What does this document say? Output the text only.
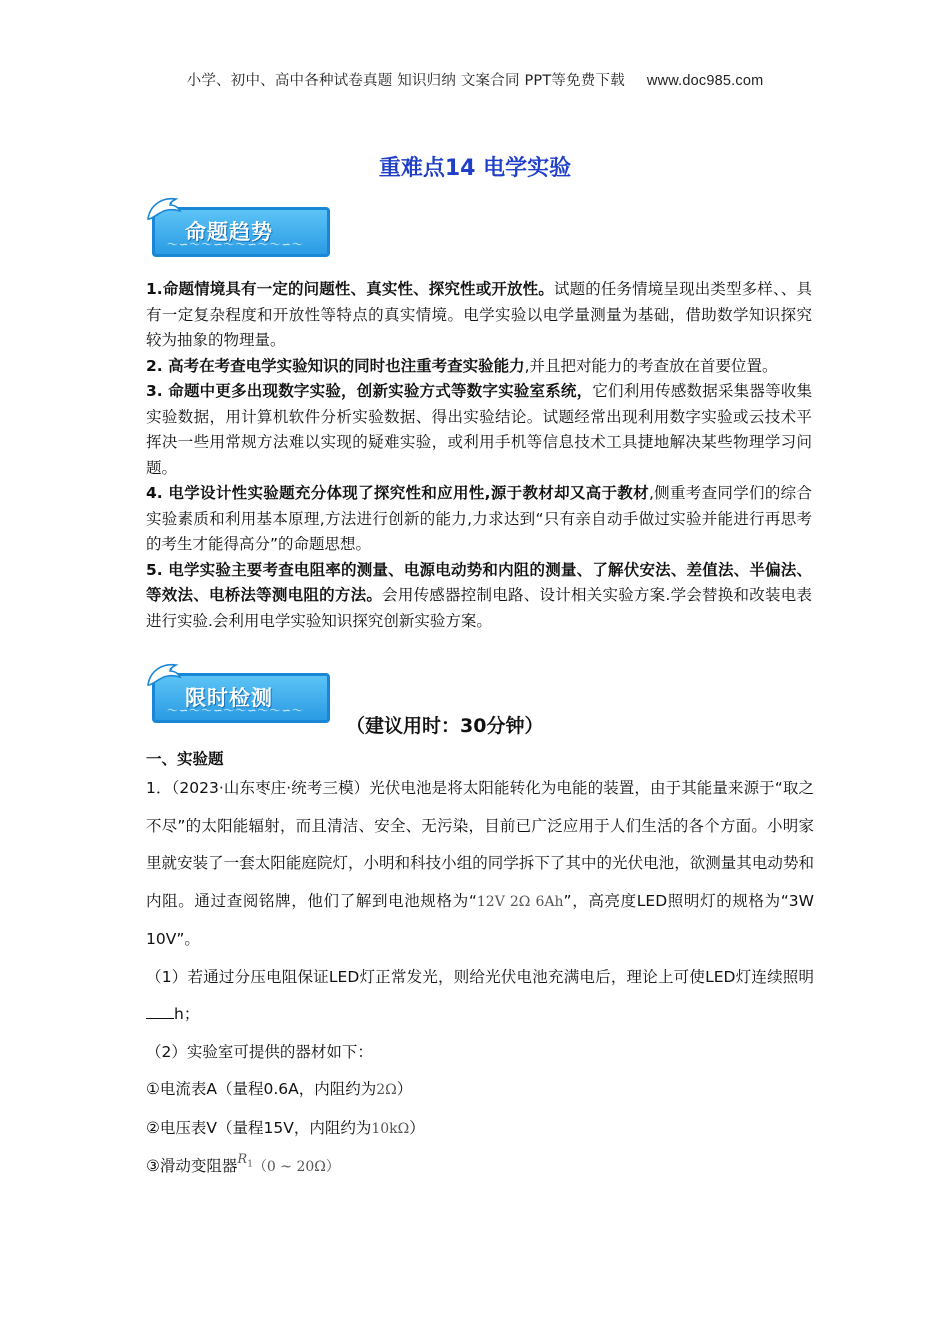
小学、初中、高中各种试卷真题 知识归纳 文案合同 PPT等免费下载 www.doc985.com
重难点14 电学实验
命题趋势
～∽～～∽～～∽～～∽～

1.命题情境具有一定的问题性、真实性、探究性或开放性。试题的任务情境呈现出类型多样、、具有一定复杂程度和开放性等特点的真实情境。电学实验以电学量测量为基础，借助数学知识探究较为抽象的物理量。

2. 高考在考查电学实验知识的同时也注重考查实验能力,并且把对能力的考查放在首要位置。

3. 命题中更多出现数字实验，创新实验方式等数字实验室系统，它们利用传感数据采集器等收集实验数据，用计算机软件分析实验数据、得出实验结论。试题经常出现利用数字实验或云技术平挥决一些用常规方法难以实现的疑难实验，或利用手机等信息技术工具捷地解决某些物理学习问题。

4. 电学设计性实验题充分体现了探究性和应用性,源于教材却又高于教材,侧重考查同学们的综合实验素质和利用基本原理,方法进行创新的能力,力求达到“只有亲自动手做过实验并能进行再思考的考生才能得高分”的命题思想。

5. 电学实验主要考查电阻率的测量、电源电动势和内阻的测量、了解伏安法、差值法、半偏法、等效法、电桥法等测电阻的方法。会用传感器控制电路、设计相关实验方案.学会替换和改装电表进行实验.会利用电学实验知识探究创新实验方案。

限时检测
～∽～～∽～～∽～～∽～
（建议用时：30分钟）
一、实验题

1．（2023·山东枣庄·统考三模）光伏电池是将太阳能转化为电能的装置，由于其能量来源于“取之不尽”的太阳能辐射，而且清洁、安全、无污染，目前已广泛应用于人们生活的各个方面。小明家里就安装了一套太阳能庭院灯，小明和科技小组的同学拆下了其中的光伏电池，欲测量其电动势和内阻。通过查阅铭牌，他们了解到电池规格为“12V 2Ω 6Ah”，高亮度LED照明灯的规格为“3W 10V”。

（1）若通过分压电阻保证LED灯正常发光，则给光伏电池充满电后，理论上可使LED灯连续照明h；

（2）实验室可提供的器材如下：

①电流表A（量程0.6A，内阻约为2Ω）

②电压表V（量程15V，内阻约为10kΩ）

③滑动变阻器$^{R_1}$（0 ~ 20Ω）
